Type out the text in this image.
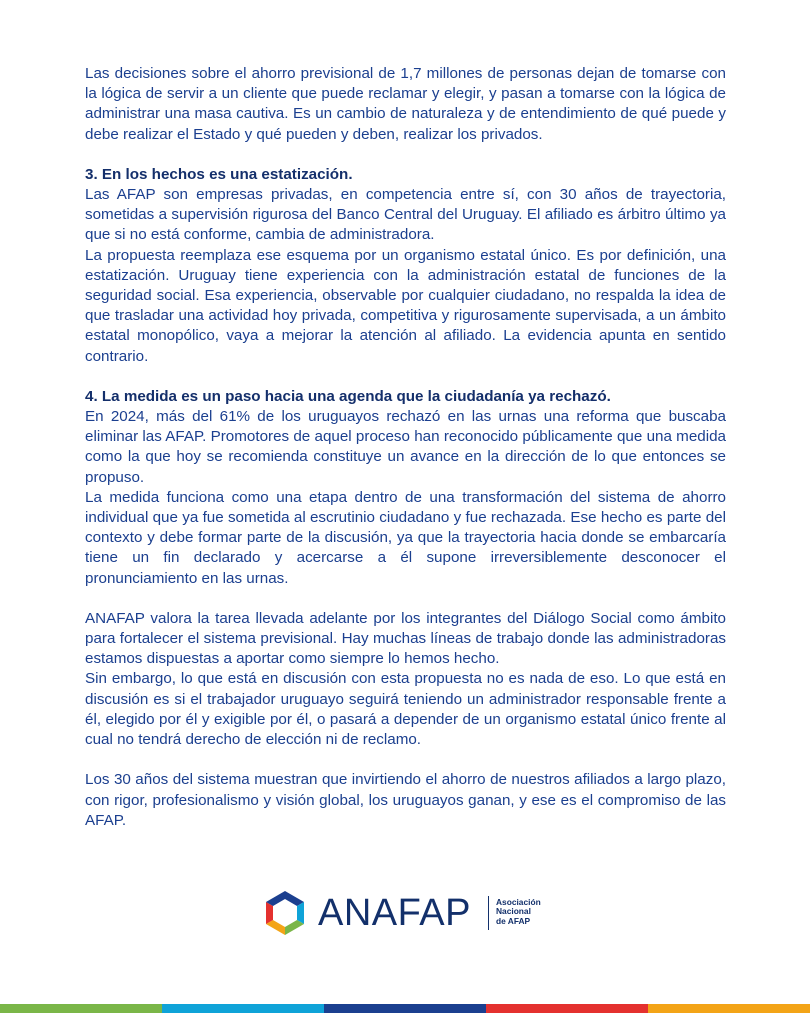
Las decisiones sobre el ahorro previsional de 1,7 millones de personas dejan de tomarse con la lógica de servir a un cliente que puede reclamar y elegir, y pasan a tomarse con la lógica de administrar una masa cautiva. Es un cambio de naturaleza y de entendimiento de qué puede y debe realizar el Estado y qué pueden y deben, realizar los privados.

3. En los hechos es una estatización.

Las AFAP son empresas privadas, en competencia entre sí, con 30 años de trayectoria, sometidas a supervisión rigurosa del Banco Central del Uruguay. El afiliado es árbitro último ya que si no está conforme, cambia de administradora.

La propuesta reemplaza ese esquema por un organismo estatal único. Es por definición, una estatización. Uruguay tiene experiencia con la administración estatal de funciones de la seguridad social. Esa experiencia, observable por cualquier ciudadano, no respalda la idea de que trasladar una actividad hoy privada, competitiva y rigurosamente supervisada, a un ámbito estatal monopólico, vaya a mejorar la atención al afiliado. La evidencia apunta en sentido contrario.

4. La medida es un paso hacia una agenda que la ciudadanía ya rechazó.

En 2024, más del 61% de los uruguayos rechazó en las urnas una reforma que buscaba eliminar las AFAP. Promotores de aquel proceso han reconocido públicamente que una medida como la que hoy se recomienda constituye un avance en la dirección de lo que entonces se propuso.

La medida funciona como una etapa dentro de una transformación del sistema de ahorro individual que ya fue sometida al escrutinio ciudadano y fue rechazada. Ese hecho es parte del contexto y debe formar parte de la discusión, ya que la trayectoria hacia donde se embarcaría tiene un fin declarado y acercarse a él supone irreversiblemente desconocer el pronunciamiento en las urnas.

ANAFAP valora la tarea llevada adelante por los integrantes del Diálogo Social como ámbito para fortalecer el sistema previsional. Hay muchas líneas de trabajo donde las administradoras estamos dispuestas a aportar como siempre lo hemos hecho.

Sin embargo, lo que está en discusión con esta propuesta no es nada de eso. Lo que está en discusión es si el trabajador uruguayo seguirá teniendo un administrador responsable frente a él, elegido por él y exigible por él, o pasará a depender de un organismo estatal único frente al cual no tendrá derecho de elección ni de reclamo.

Los 30 años del sistema muestran que invirtiendo el ahorro de nuestros afiliados a largo plazo, con rigor, profesionalismo y visión global, los uruguayos ganan, y ese es el compromiso de las AFAP.

ANAFAP	Asociación
Nacional
de AFAP
